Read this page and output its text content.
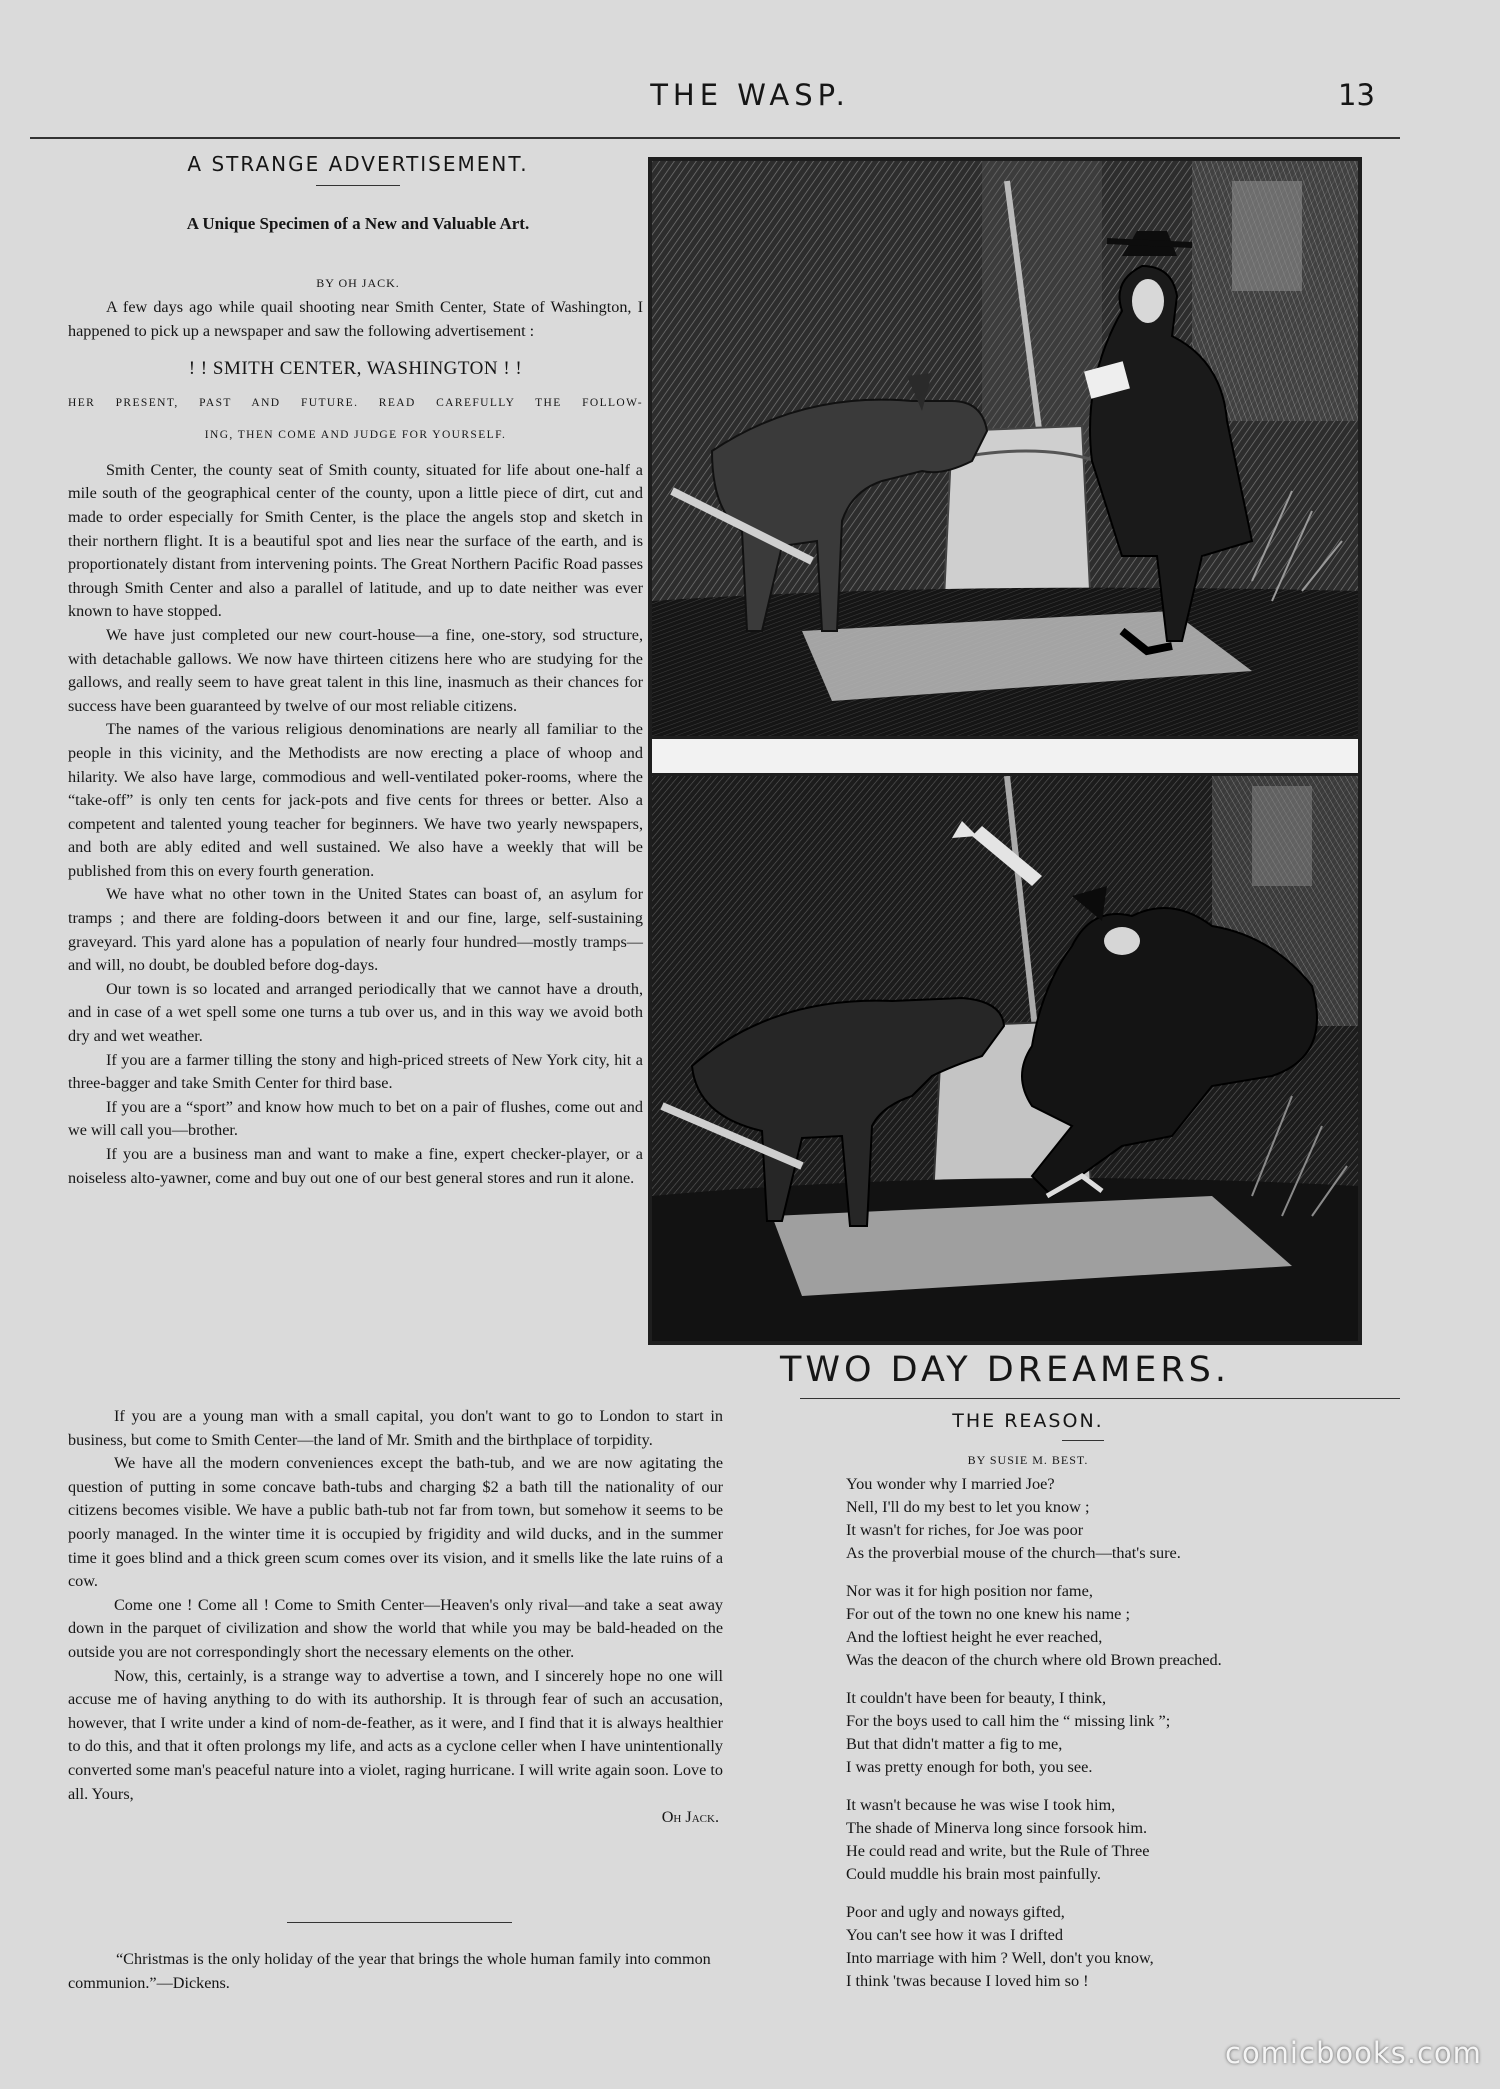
THE WASP.	13
A STRANGE ADVERTISEMENT.
A Unique Specimen of a New and Valuable Art.
BY OH JACK.

A few days ago while quail shooting near Smith Center, State of Washington, I happened to pick up a newspaper and saw the following advertisement :

! ! SMITH CENTER, WASHINGTON ! !
HER PRESENT, PAST AND FUTURE. READ CAREFULLY THE FOLLOW-
ING, THEN COME AND JUDGE FOR YOURSELF.

Smith Center, the county seat of Smith county, situated for life about one-half a mile south of the geographical center of the county, upon a little piece of dirt, cut and made to order especially for Smith Center, is the place the angels stop and sketch in their northern flight. It is a beautiful spot and lies near the surface of the earth, and is proportionately distant from intervening points. The Great Northern Pacific Road passes through Smith Center and also a parallel of latitude, and up to date neither was ever known to have stopped.

We have just completed our new court-house—a fine, one-story, sod structure, with detachable gallows. We now have thirteen citizens here who are studying for the gallows, and really seem to have great talent in this line, inasmuch as their chances for success have been guaranteed by twelve of our most reliable citizens.

The names of the various religious denominations are nearly all familiar to the people in this vicinity, and the Methodists are now erecting a place of whoop and hilarity. We also have large, commodious and well-ventilated poker-rooms, where the “take-off” is only ten cents for jack-pots and five cents for threes or better. Also a competent and talented young teacher for beginners. We have two yearly newspapers, and both are ably edited and well sustained. We also have a weekly that will be published from this on every fourth generation.

We have what no other town in the United States can boast of, an asylum for tramps ; and there are folding-doors between it and our fine, large, self-sustaining graveyard. This yard alone has a population of nearly four hundred—mostly tramps—and will, no doubt, be doubled before dog-days.

Our town is so located and arranged periodically that we cannot have a drouth, and in case of a wet spell some one turns a tub over us, and in this way we avoid both dry and wet weather.

If you are a farmer tilling the stony and high-priced streets of New York city, hit a three-bagger and take Smith Center for third base.

If you are a “sport” and know how much to bet on a pair of flushes, come out and we will call you—brother.

If you are a business man and want to make a fine, expert checker-player, or a noiseless alto-yawner, come and buy out one of our best general stores and run it alone.

TWO DAY DREAMERS.

If you are a young man with a small capital, you don't want to go to London to start in business, but come to Smith Center—the land of Mr. Smith and the birthplace of torpidity.

We have all the modern conveniences except the bath-tub, and we are now agitating the question of putting in some concave bath-tubs and charging $2 a bath till the nationality of our citizens becomes visible. We have a public bath-tub not far from town, but somehow it seems to be poorly managed. In the winter time it is occupied by frigidity and wild ducks, and in the summer time it goes blind and a thick green scum comes over its vision, and it smells like the late ruins of a cow.

Come one ! Come all ! Come to Smith Center—Heaven's only rival—and take a seat away down in the parquet of civilization and show the world that while you may be bald-headed on the outside you are not correspondingly short the necessary elements on the other.

Now, this, certainly, is a strange way to advertise a town, and I sincerely hope no one will accuse me of having anything to do with its authorship. It is through fear of such an accusation, however, that I write under a kind of nom-de-feather, as it were, and I find that it is always healthier to do this, and that it often prolongs my life, and acts as a cyclone celler when I have unintentionally converted some man's peaceful nature into a violet, raging hurricane. I will write again soon. Love to all. Yours,

Oh Jack.
“Christmas is the only holiday of the year that brings the whole human family into common communion.”—Dickens.
THE REASON.
BY SUSIE M. BEST.
You wonder why I married Joe?
Nell, I'll do my best to let you know ;
It wasn't for riches, for Joe was poor
As the proverbial mouse of the church—that's sure.
Nor was it for high position nor fame,
For out of the town no one knew his name ;
And the loftiest height he ever reached,
Was the deacon of the church where old Brown preached.
It couldn't have been for beauty, I think,
For the boys used to call him the “ missing link ”;
But that didn't matter a fig to me,
I was pretty enough for both, you see.
It wasn't because he was wise I took him,
The shade of Minerva long since forsook him.
He could read and write, but the Rule of Three
Could muddle his brain most painfully.
Poor and ugly and noways gifted,
You can't see how it was I drifted
Into marriage with him ? Well, don't you know,
I think 'twas because I loved him so !
comicbooks.com
